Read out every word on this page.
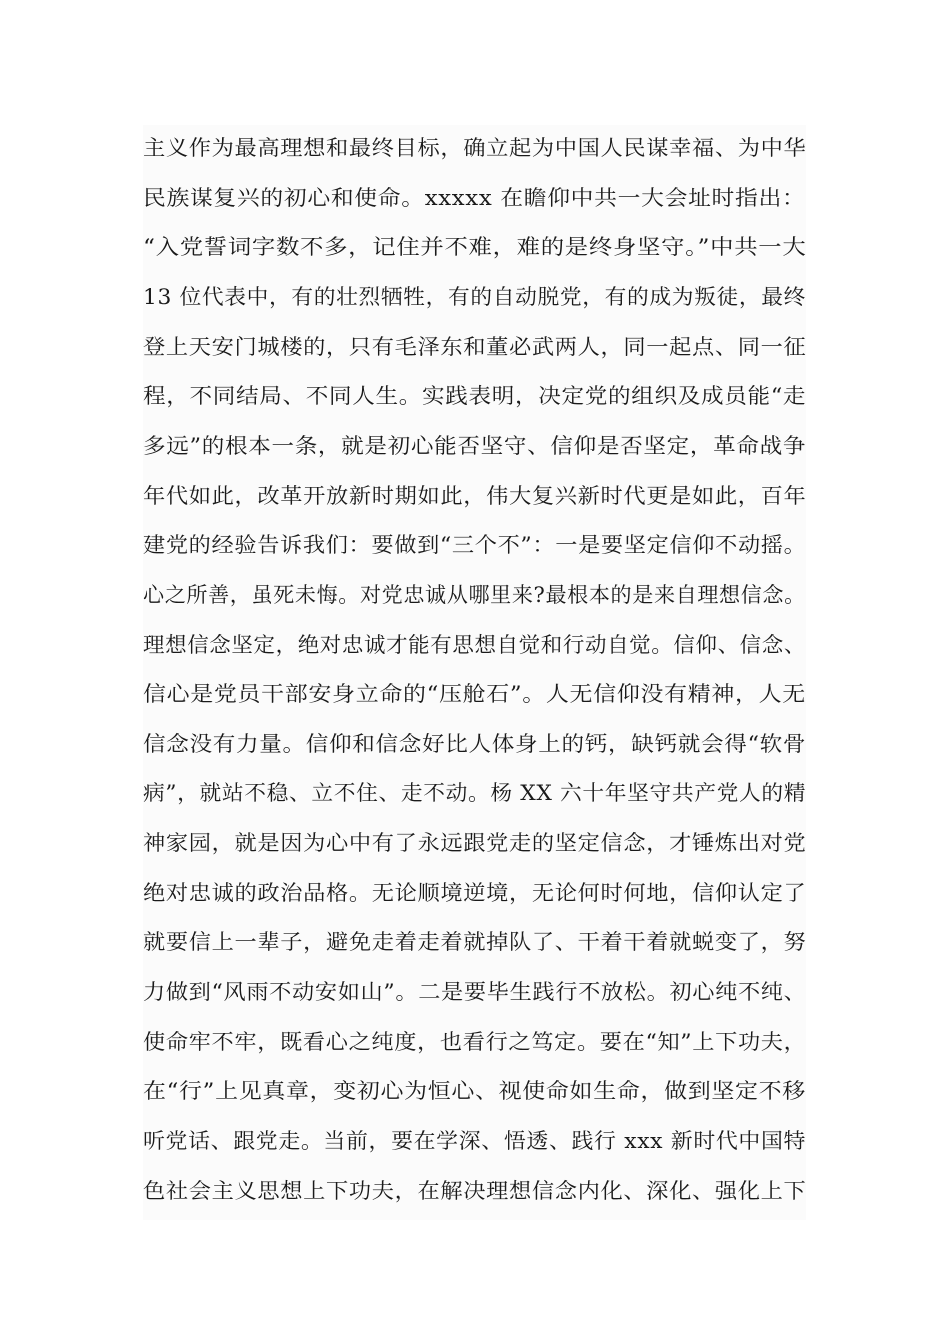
主义作为最高理想和最终目标，确立起为中国人民谋幸福、为中华
民族谋复兴的初心和使命。xxxxx 在瞻仰中共一大会址时指出：
“入党誓词字数不多，记住并不难，难的是终身坚守。”中共一大
13 位代表中，有的壮烈牺牲，有的自动脱党，有的成为叛徒，最终
登上天安门城楼的，只有毛泽东和董必武两人，同一起点、同一征
程，不同结局、不同人生。实践表明，决定党的组织及成员能“走
多远”的根本一条，就是初心能否坚守、信仰是否坚定，革命战争
年代如此，改革开放新时期如此，伟大复兴新时代更是如此，百年
建党的经验告诉我们：要做到“三个不”：一是要坚定信仰不动摇。
心之所善，虽死未悔。对党忠诚从哪里来?最根本的是来自理想信念。
理想信念坚定，绝对忠诚才能有思想自觉和行动自觉。信仰、信念、
信心是党员干部安身立命的“压舱石”。人无信仰没有精神，人无
信念没有力量。信仰和信念好比人体身上的钙，缺钙就会得“软骨
病”，就站不稳、立不住、走不动。杨 XX 六十年坚守共产党人的精
神家园，就是因为心中有了永远跟党走的坚定信念，才锤炼出对党
绝对忠诚的政治品格。无论顺境逆境，无论何时何地，信仰认定了
就要信上一辈子，避免走着走着就掉队了、干着干着就蜕变了，努
力做到“风雨不动安如山”。二是要毕生践行不放松。初心纯不纯、
使命牢不牢，既看心之纯度，也看行之笃定。要在“知”上下功夫，
在“行”上见真章，变初心为恒心、视使命如生命，做到坚定不移
听党话、跟党走。当前，要在学深、悟透、践行 xxx 新时代中国特
色社会主义思想上下功夫，在解决理想信念内化、深化、强化上下
